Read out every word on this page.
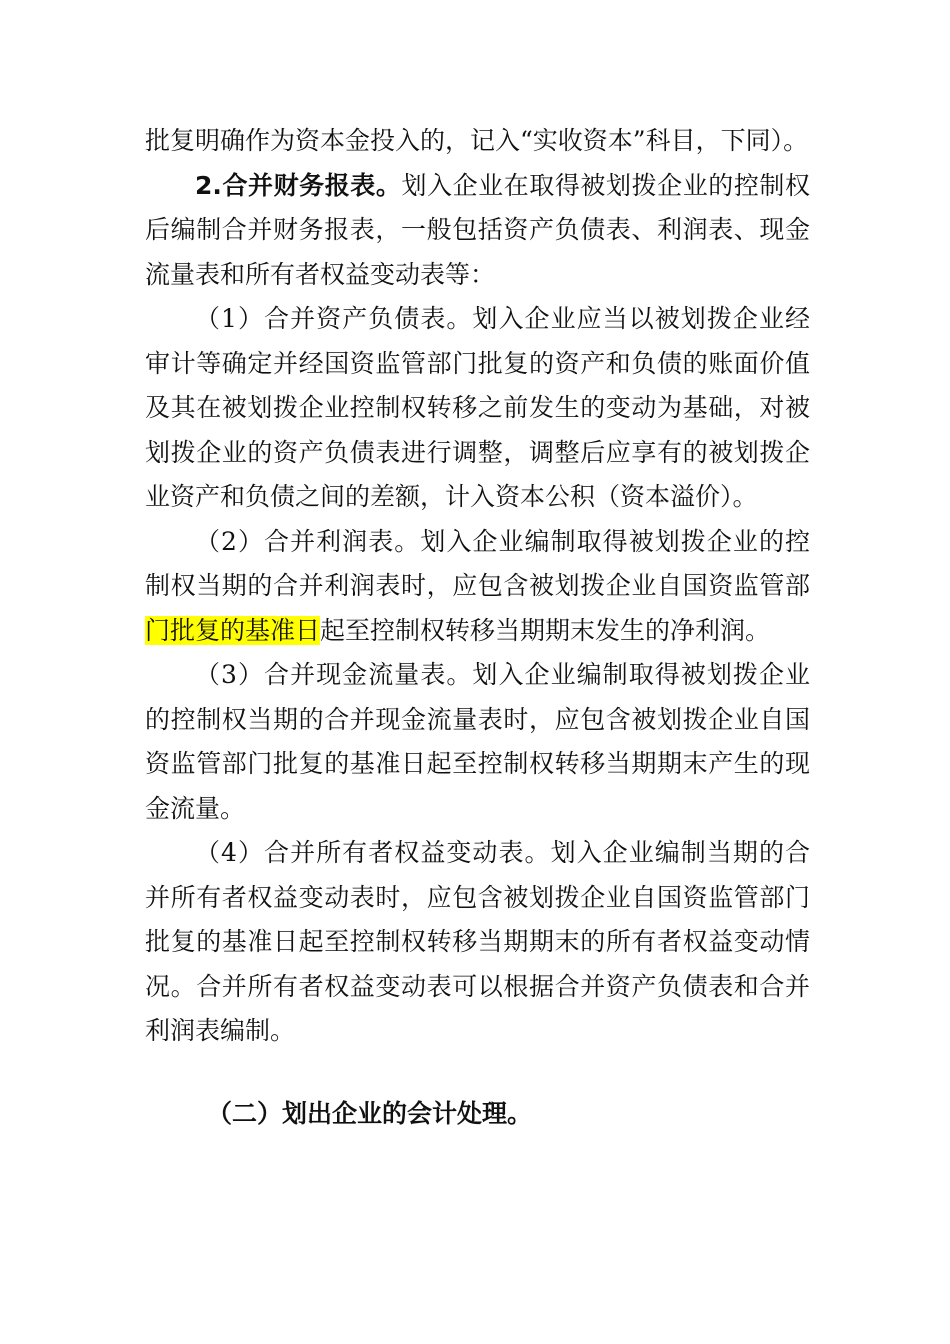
批复明确作为资本金投入的，记入“实收资本”科目，下同）。

2.合并财务报表。划入企业在取得被划拨企业的控制权后编制合并财务报表，一般包括资产负债表、利润表、现金流量表和所有者权益变动表等：

（1）合并资产负债表。划入企业应当以被划拨企业经审计等确定并经国资监管部门批复的资产和负债的账面价值及其在被划拨企业控制权转移之前发生的变动为基础，对被划拨企业的资产负债表进行调整，调整后应享有的被划拨企业资产和负债之间的差额，计入资本公积（资本溢价）。

（2）合并利润表。划入企业编制取得被划拨企业的控制权当期的合并利润表时，应包含被划拨企业自国资监管部门批复的基准日起至控制权转移当期期末发生的净利润。

（3）合并现金流量表。划入企业编制取得被划拨企业的控制权当期的合并现金流量表时，应包含被划拨企业自国资监管部门批复的基准日起至控制权转移当期期末产生的现金流量。

（4）合并所有者权益变动表。划入企业编制当期的合并所有者权益变动表时，应包含被划拨企业自国资监管部门批复的基准日起至控制权转移当期期末的所有者权益变动情况。合并所有者权益变动表可以根据合并资产负债表和合并利润表编制。

（二）划出企业的会计处理。
